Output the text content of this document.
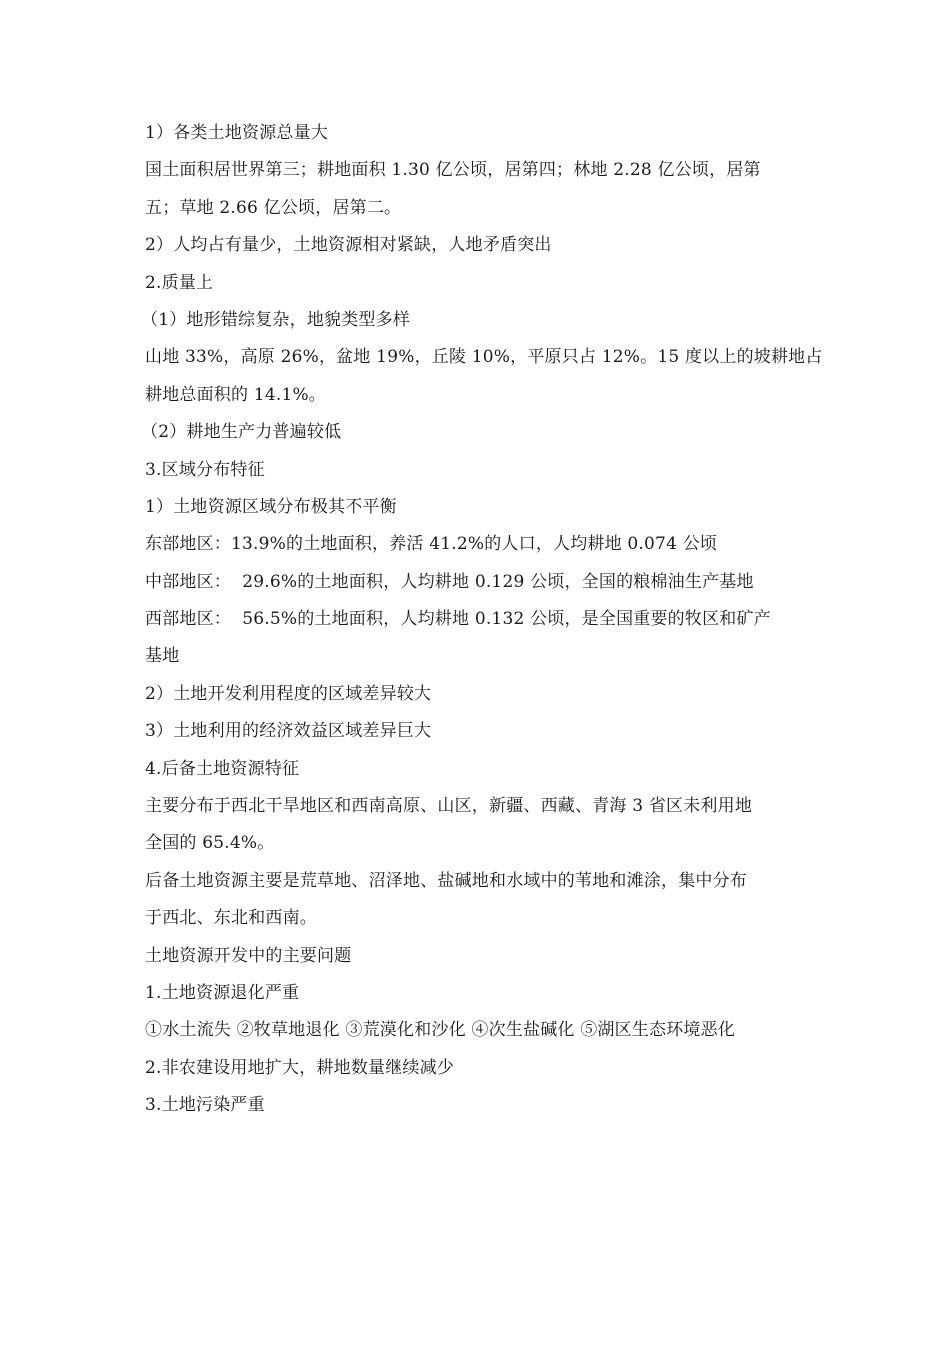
1）各类土地资源总量大
国土面积居世界第三；耕地面积 1.30 亿公顷，居第四；林地 2.28 亿公顷，居第
五；草地 2.66 亿公顷，居第二。
2）人均占有量少，土地资源相对紧缺，人地矛盾突出
2.质量上
（1）地形错综复杂，地貌类型多样
山地 33%，高原 26%，盆地 19%，丘陵 10%，平原只占 12%。15 度以上的坡耕地占
耕地总面积的 14.1%。
（2）耕地生产力普遍较低
3.区域分布特征
1）土地资源区域分布极其不平衡
东部地区：13.9%的土地面积，养活 41.2%的人口，人均耕地 0.074 公顷
中部地区：  29.6%的土地面积，人均耕地 0.129 公顷，全国的粮棉油生产基地
西部地区：  56.5%的土地面积，人均耕地 0.132 公顷，是全国重要的牧区和矿产
基地
2）土地开发利用程度的区域差异较大
3）土地利用的经济效益区域差异巨大
4.后备土地资源特征
主要分布于西北干旱地区和西南高原、山区，新疆、西藏、青海 3 省区未利用地
全国的 65.4%。
后备土地资源主要是荒草地、沼泽地、盐碱地和水域中的苇地和滩涂，集中分布
于西北、东北和西南。
土地资源开发中的主要问题
1.土地资源退化严重
①水土流失 ②牧草地退化 ③荒漠化和沙化 ④次生盐碱化 ⑤湖区生态环境恶化
2.非农建设用地扩大，耕地数量继续减少
3.土地污染严重
